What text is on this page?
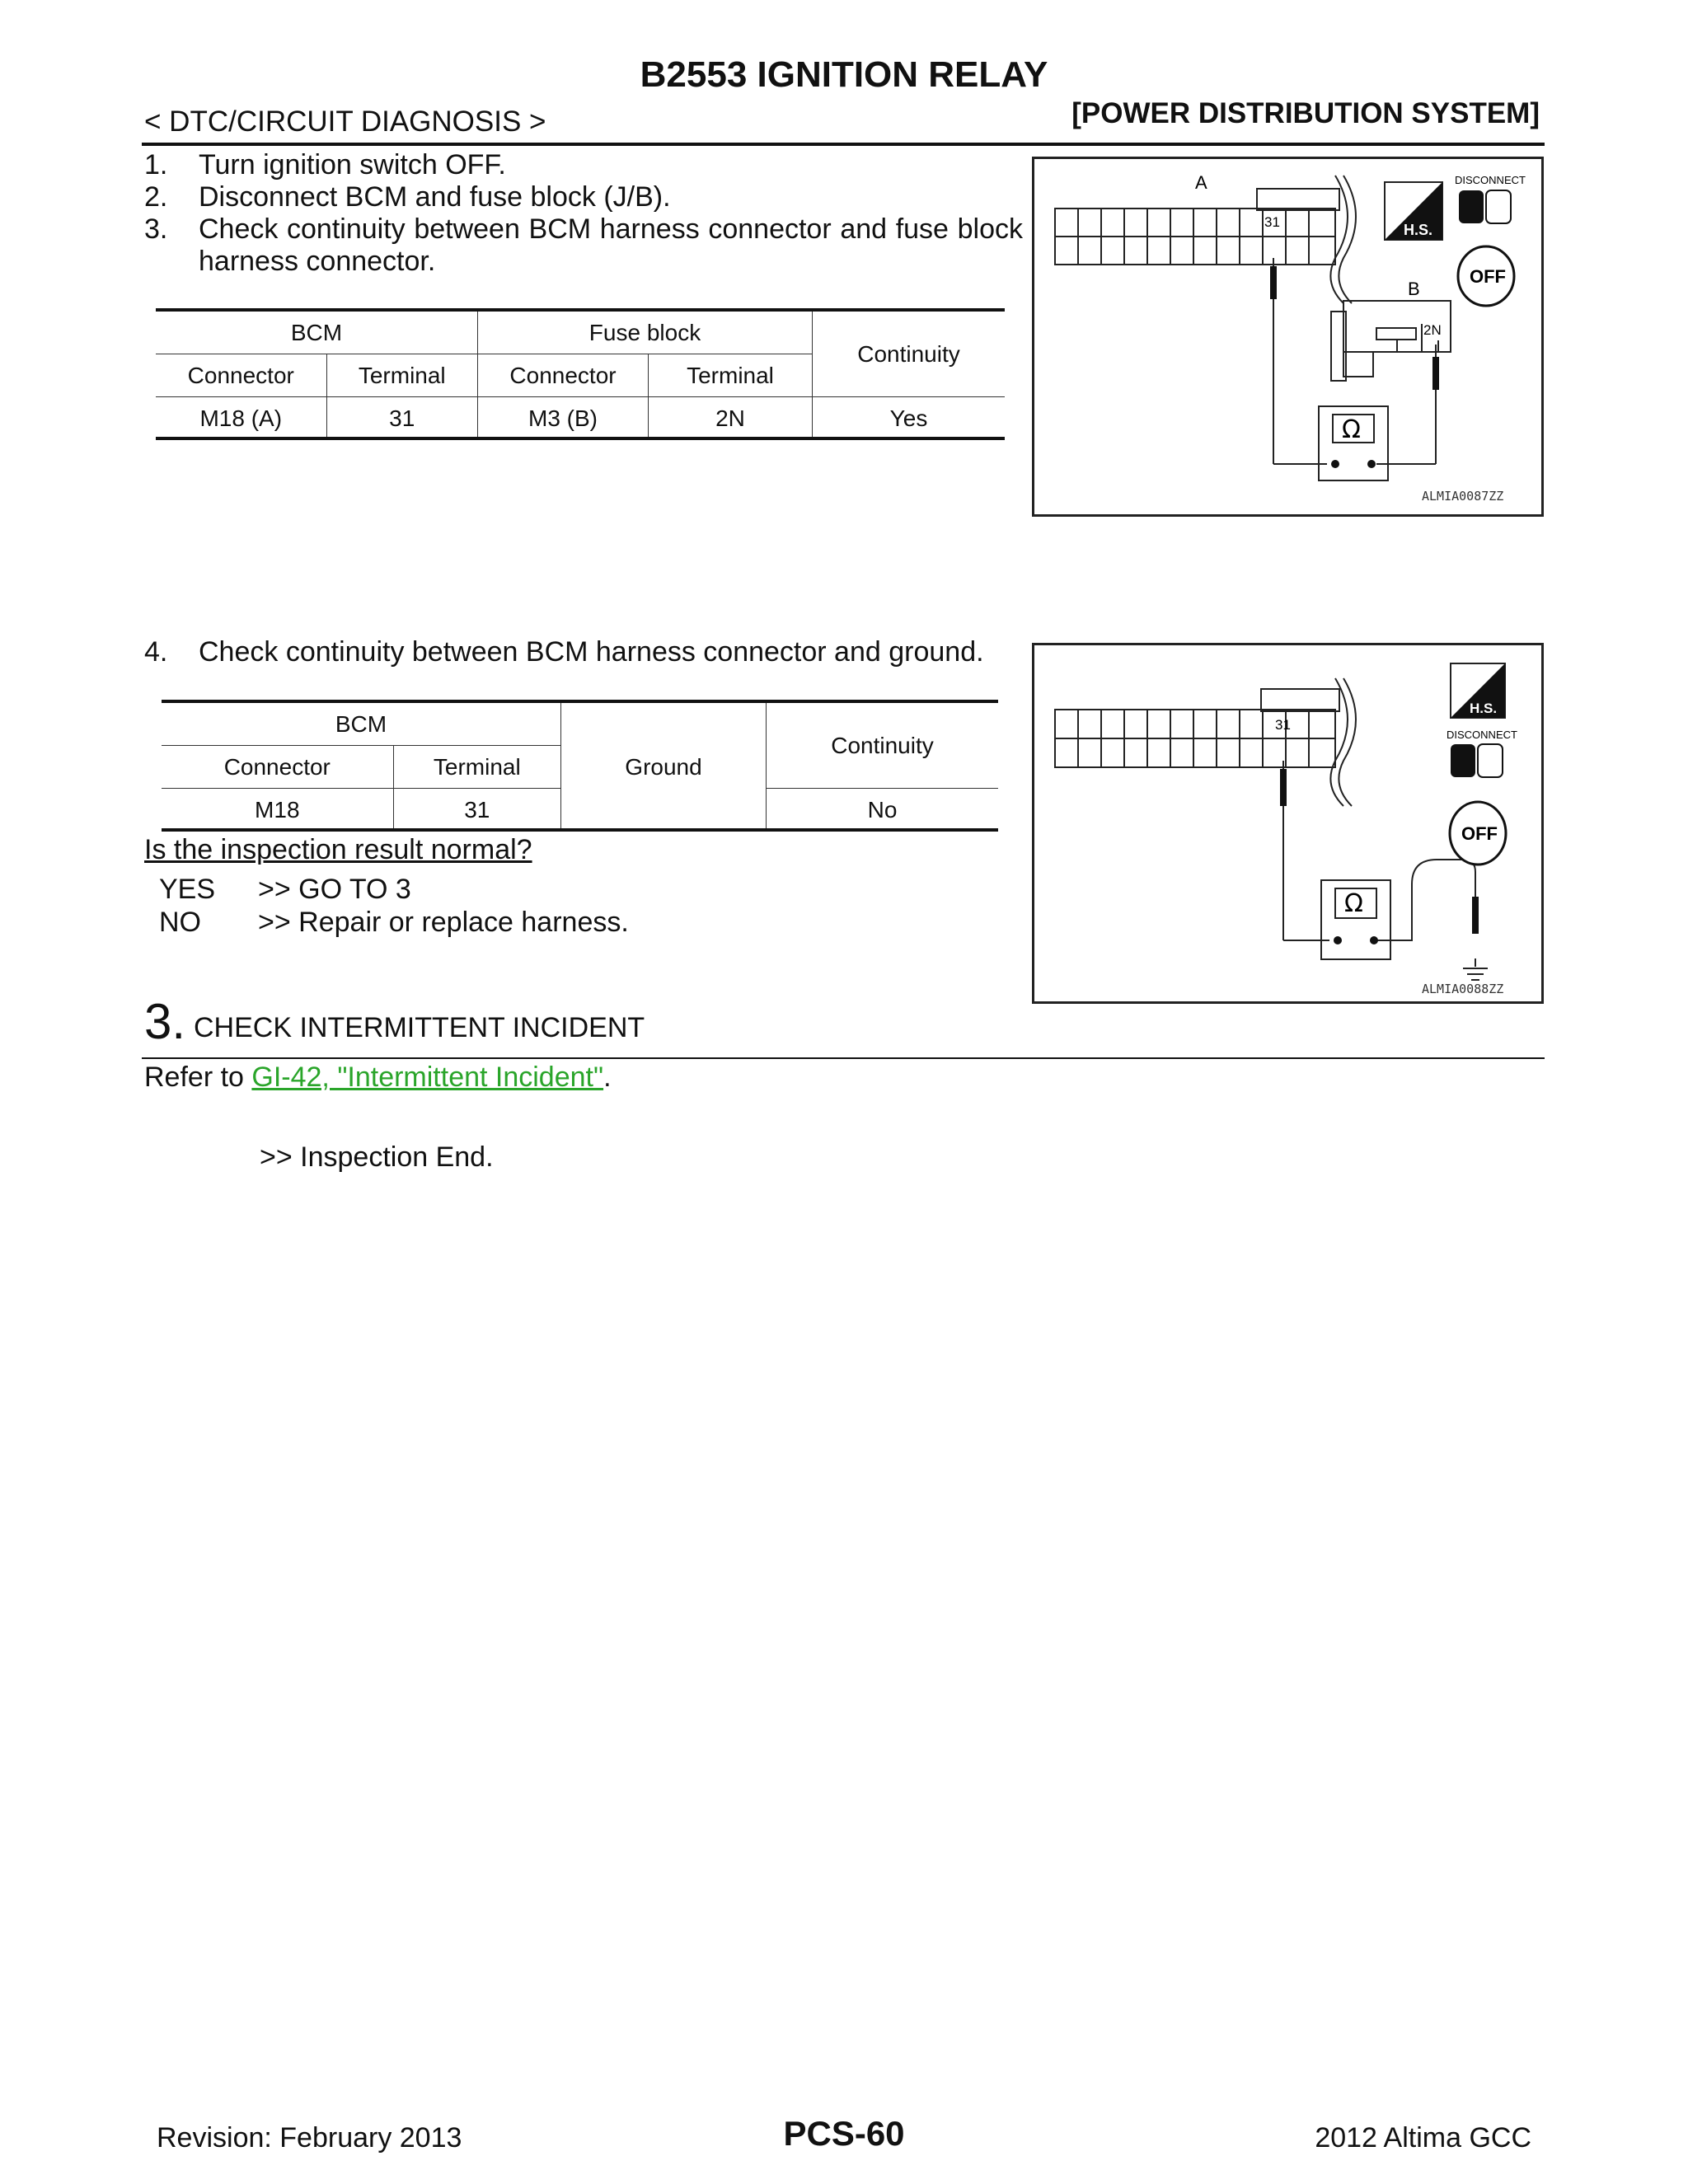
B2553 IGNITION RELAY
< DTC/CIRCUIT DIAGNOSIS >	[POWER DISTRIBUTION SYSTEM]
1. Turn ignition switch OFF.
2. Disconnect BCM and fuse block (J/B).
3. Check continuity between BCM harness connector and fuse block harness connector.
BCM		Fuse block		Continuity
Connector	Terminal	Connector	Terminal	
M18 (A)	31	M3 (B)	2N	Yes
A
B
31
2N
Ω
H.S.
DISCONNECT
OFF
ALMIA0087ZZ
4. Check continuity between BCM harness connector and ground.
BCM		Ground	Continuity
Connector	Terminal		
M18	31		No
31
Ω
H.S.
DISCONNECT
OFF
ALMIA0088ZZ
Is the inspection result normal?
YES >> GO TO 3
NO >> Repair or replace harness.
3. CHECK INTERMITTENT INCIDENT
Refer to GI-42, "Intermittent Incident".
>> Inspection End.
Revision: February 2013	PCS-60	2012 Altima GCC
